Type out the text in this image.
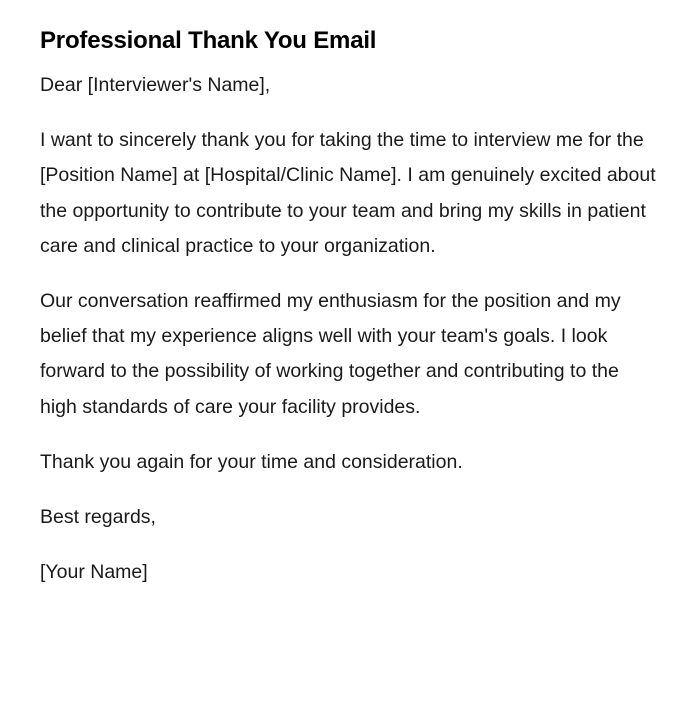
Professional Thank You Email

Dear [Interviewer's Name],

I want to sincerely thank you for taking the time to interview me for the [Position Name] at [Hospital/Clinic Name]. I am genuinely excited about the opportunity to contribute to your team and bring my skills in patient care and clinical practice to your organization.

Our conversation reaffirmed my enthusiasm for the position and my belief that my experience aligns well with your team's goals. I look forward to the possibility of working together and contributing to the high standards of care your facility provides.

Thank you again for your time and consideration.

Best regards,

[Your Name]
